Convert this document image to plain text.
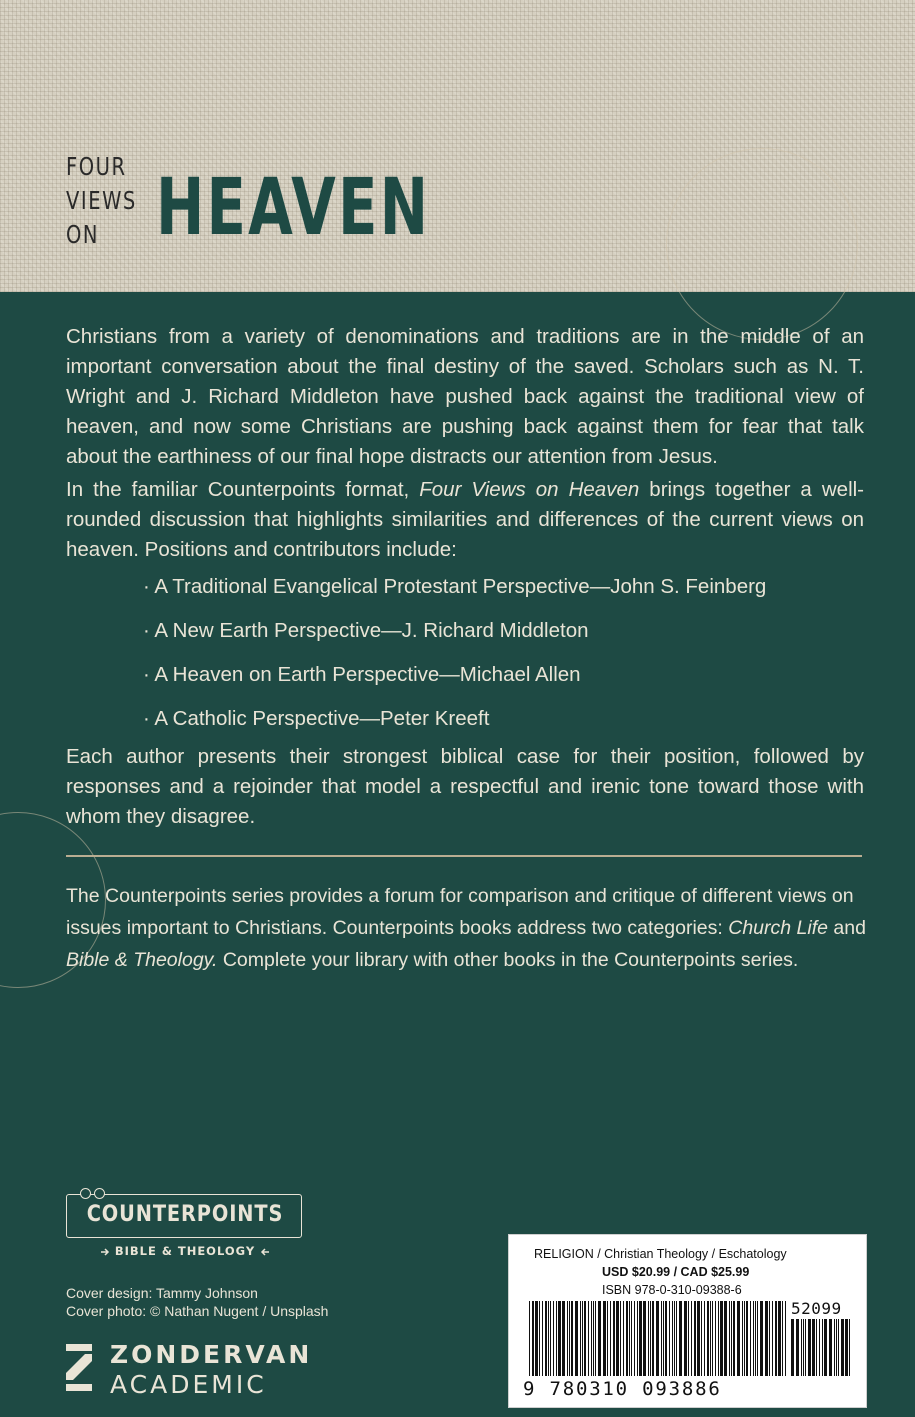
FOUR
VIEWS
ON HEAVEN

Christians from a variety of denominations and traditions are in the middle of an important conversation about the final destiny of the saved. Scholars such as N. T. Wright and J. Richard Middleton have pushed back against the traditional view of heaven, and now some Christians are pushing back against them for fear that talk about the earthiness of our final hope distracts our attention from Jesus.

In the familiar Counterpoints format, Four Views on Heaven brings together a well-rounded discussion that highlights similarities and differences of the current views on heaven. Positions and contributors include:

· A Traditional Evangelical Protestant Perspective—John S. Feinberg
· A New Earth Perspective—J. Richard Middleton
· A Heaven on Earth Perspective—Michael Allen
· A Catholic Perspective—Peter Kreeft

Each author presents their strongest biblical case for their position, followed by responses and a rejoinder that model a respectful and irenic tone toward those with whom they disagree.

The Counterpoints series provides a forum for comparison and critique of different views on issues important to Christians. Counterpoints books address two categories: Church Life and
Bible & Theology. Complete your library with other books in the Counterpoints series.

COUNTERPOINTS
BIBLE & THEOLOGY
Cover design: Tammy Johnson
Cover photo: © Nathan Nugent / Unsplash
ZONDERVAN
ACADEMIC
RELIGION / Christian Theology / Eschatology
USD $20.99 / CAD $25.99
ISBN 978-0-310-09388-6
52099
9 780310 093886
